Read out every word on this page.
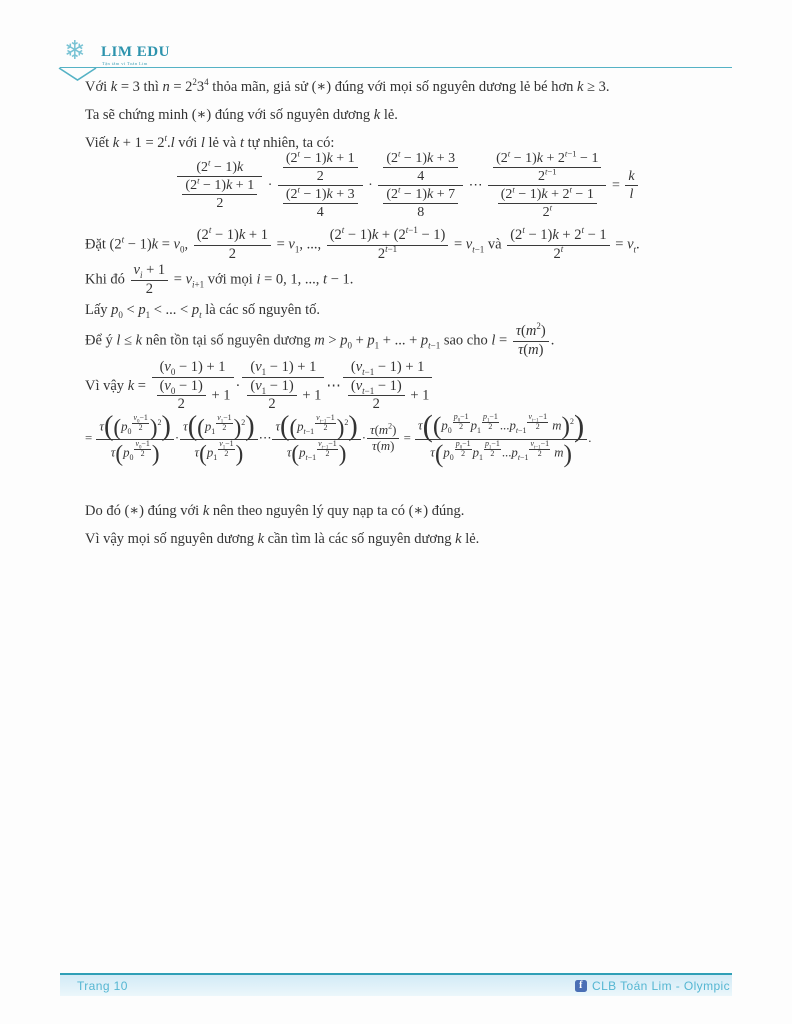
❄ LIM EDU
Tận tâm vì Toán Lim
Với k = 3 thì $n = 2^23^4$ thỏa mãn, giả sử (∗) đúng với mọi số nguyên dương lẻ bé hơn k ≥ 3.
Ta sẽ chứng minh (∗) đúng với số nguyên dương k lẻ.
Viết $k + 1 = 2^t.l$ với l lẻ và t tự nhiên, ta có:
$\frac{(2^t - 1)k}{\frac{(2^t - 1)k + 1}{2}} \cdot \frac{\frac{(2^t - 1)k + 1}{2}}{\frac{(2^t - 1)k + 3}{4}} \cdot \frac{\frac{(2^t - 1)k + 3}{4}}{\frac{(2^t - 1)k + 7}{8}}$ ⋯ $\frac{\frac{(2^t - 1)k + 2^{t-1} - 1}{2^{t-1}}}{\frac{(2^t - 1)k + 2^t - 1}{2^t}} = \frac{k}{l}$
Đặt $(2^t - 1)k = v_0$, $\frac{(2^t - 1)k + 1}{2} = v_1$, ..., $\frac{(2^t - 1)k + (2^{t-1} - 1)}{2^{t-1}} = v_{t-1}$ và $\frac{(2^t - 1)k + 2^t - 1}{2^t} = v_t$.
Khi đó $\frac{v_i + 1}{2} = v_{i+1}$ với mọi i = 0, 1, ..., t − 1.
Lấy $p_0 < p_1$ < ... < $p_t$ là các số nguyên tố.
Để ý l ≤ k nên tồn tại số nguyên dương $m > p_0 + p_1$ + ... + $p_{t-1}$ sao cho $l = \frac{\tau(m^2)}{\tau(m)}$ .
Vì vậy $k = \frac{(v_0 - 1) + 1}{\frac{(v_0 - 1)}{2} + 1} \cdot \frac{(v_1 - 1) + 1}{\frac{(v_1 - 1)}{2} + 1}$ ⋯ $\frac{(v_{t-1} - 1) + 1}{\frac{(v_{t-1} - 1)}{2} + 1}$
= $\tau((p_0$ $^{\frac{v_0-1}{2}}$ )$^2$)
$\tau(p_0$ $^{\frac{v_0-1}{2}}$ ) · $\tau((p_1$ $^{\frac{v_1-1}{2}}$ )$^2$)
$\tau(p_1$ $^{\frac{v_1-1}{2}}$ ) ⋯ $\tau((p_{t-1}$ $^{\frac{v_{t-1}-1}{2}}$ )$^2$)
$\tau(p_{t-1}$ $^{\frac{v_{t-1}-1}{2}}$ ) · $\frac{\tau(m^2)}{\tau(m)} = \tau((p_0$ $^{\frac{p_0-1}{2}}$ $p_1$ $^{\frac{p_1-1}{2}}$ $...p_{t-1}$ $^{\frac{v_{t-1}-1}{2}}$ m)$^2$)
$\tau(p_0$ $^{\frac{p_0-1}{2}}$ $p_1$ $^{\frac{p_1-1}{2}}$ $...p_{t-1}$ $^{\frac{v_{t-1}-1}{2}}$ m) .
Do đó (∗) đúng với k nên theo nguyên lý quy nạp ta có (∗) đúng.
Vì vậy mọi số nguyên dương k cần tìm là các số nguyên dương k lẻ.
Trang 10	f CLB Toán Lim - Olympic
